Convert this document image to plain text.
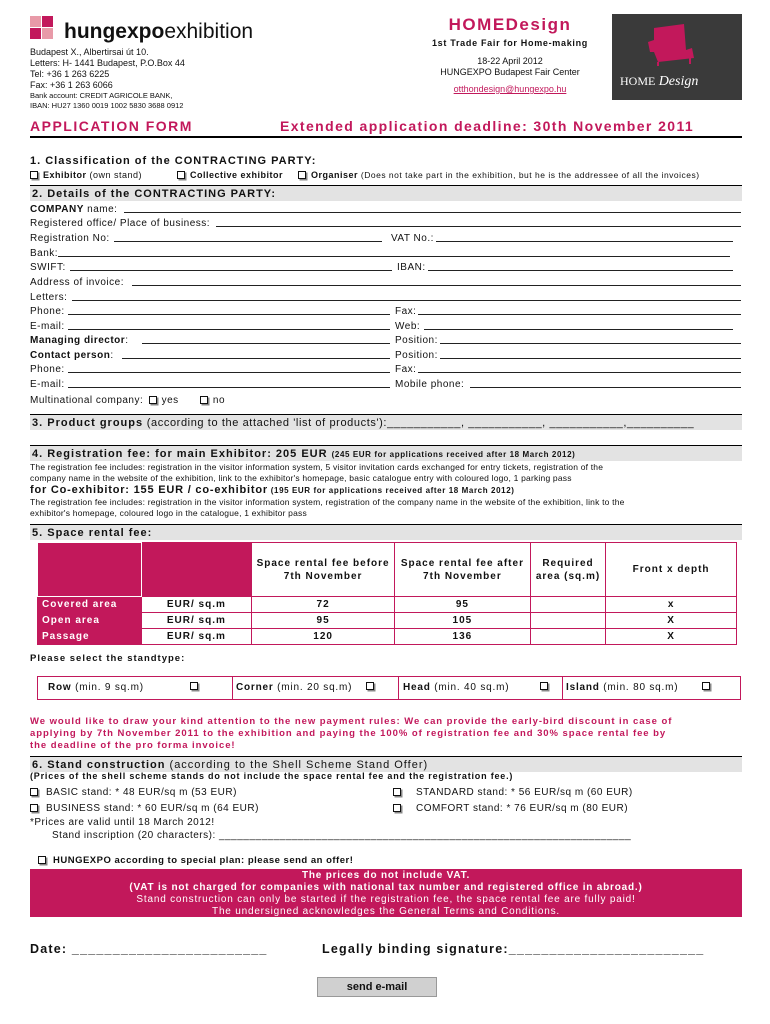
hungexpoexhibition
Budapest X., Albertirsai út 10.
Letters: H- 1441 Budapest, P.O.Box 44
Tel: +36 1 263 6225
Fax: +36 1 263 6066
Bank account: CREDIT AGRICOLE BANK,
IBAN: HU27 1360 0019 1002 5830 3688 0912
HOMEDesign
1st Trade Fair for Home-making
18-22 April 2012
HUNGEXPO Budapest Fair Center
otthondesign@hungexpo.hu
HOME Design
APPLICATION FORM	Extended application deadline: 30th November 2011
1. Classification of the CONTRACTING PARTY:
Exhibitor (own stand)	Collective exhibitor	Organiser (Does not take part in the exhibition, but he is the addressee of all the invoices)
2. Details of the CONTRACTING PARTY:
COMPANY name:
Registered office/ Place of business:
Registration No:	VAT No.:
Bank:
SWIFT:	IBAN:
Address of invoice:
Letters:
Phone:	Fax:
E-mail:	Web:
Managing director:	Position:
Contact person:	Position:
Phone:	Fax:
E-mail:	Mobile phone:
Multinational company: yes	no
3. Product groups (according to the attached 'list of products'):___________, ___________, ___________,__________
4. Registration fee: for main Exhibitor: 205 EUR (245 EUR for applications received after 18 March 2012)
The registration fee includes: registration in the visitor information system, 5 visitor invitation cards exchanged for entry tickets, registration of the
company name in the website of the exhibition, link to the exhibitor's homepage, basic catalogue entry with coloured logo, 1 parking pass
for Co-exhibitor: 155 EUR / co-exhibitor (195 EUR for applications received after 18 March 2012)
The registration fee includes: registration in the visitor information system, registration of the company name in the website of the exhibition, link to the
exhibitor's homepage, coloured logo in the catalogue, 1 exhibitor pass
5. Space rental fee:
		Space rental fee before 7th November	Space rental fee after 7th November	Required area (sq.m)	Front x depth
Covered area	EUR/ sq.m	72	95		x
Open area	EUR/ sq.m	95	105		X
Passage	EUR/ sq.m	120	136		X
Please select the standtype:
Row (min. 9 sq.m)	Corner (min. 20 sq.m)	Head (min. 40 sq.m)	Island (min. 80 sq.m)
We would like to draw your kind attention to the new payment rules: We can provide the early-bird discount in case of
applying by 7th November 2011 to the exhibition and paying the 100% of registration fee and 30% space rental fee by
the deadline of the pro forma invoice!
6. Stand construction (according to the Shell Scheme Stand Offer)
(Prices of the shell scheme stands do not include the space rental fee and the registration fee.)
BASIC stand: * 48 EUR/sq m (53 EUR)	STANDARD stand: * 56 EUR/sq m (60 EUR)
BUSINESS stand: * 60 EUR/sq m (64 EUR)	COMFORT stand: * 76 EUR/sq m (80 EUR)
*Prices are valid until 18 March 2012!
Stand inscription (20 characters): ____________________________________________________________________
HUNGEXPO according to special plan: please send an offer!
The prices do not include VAT.
(VAT is not charged for companies with national tax number and registered office in abroad.)
Stand construction can only be started if the registration fee, the space rental fee are fully paid!
The undersigned acknowledges the General Terms and Conditions.
Date: ________________________	Legally binding signature:________________________
send e-mail
